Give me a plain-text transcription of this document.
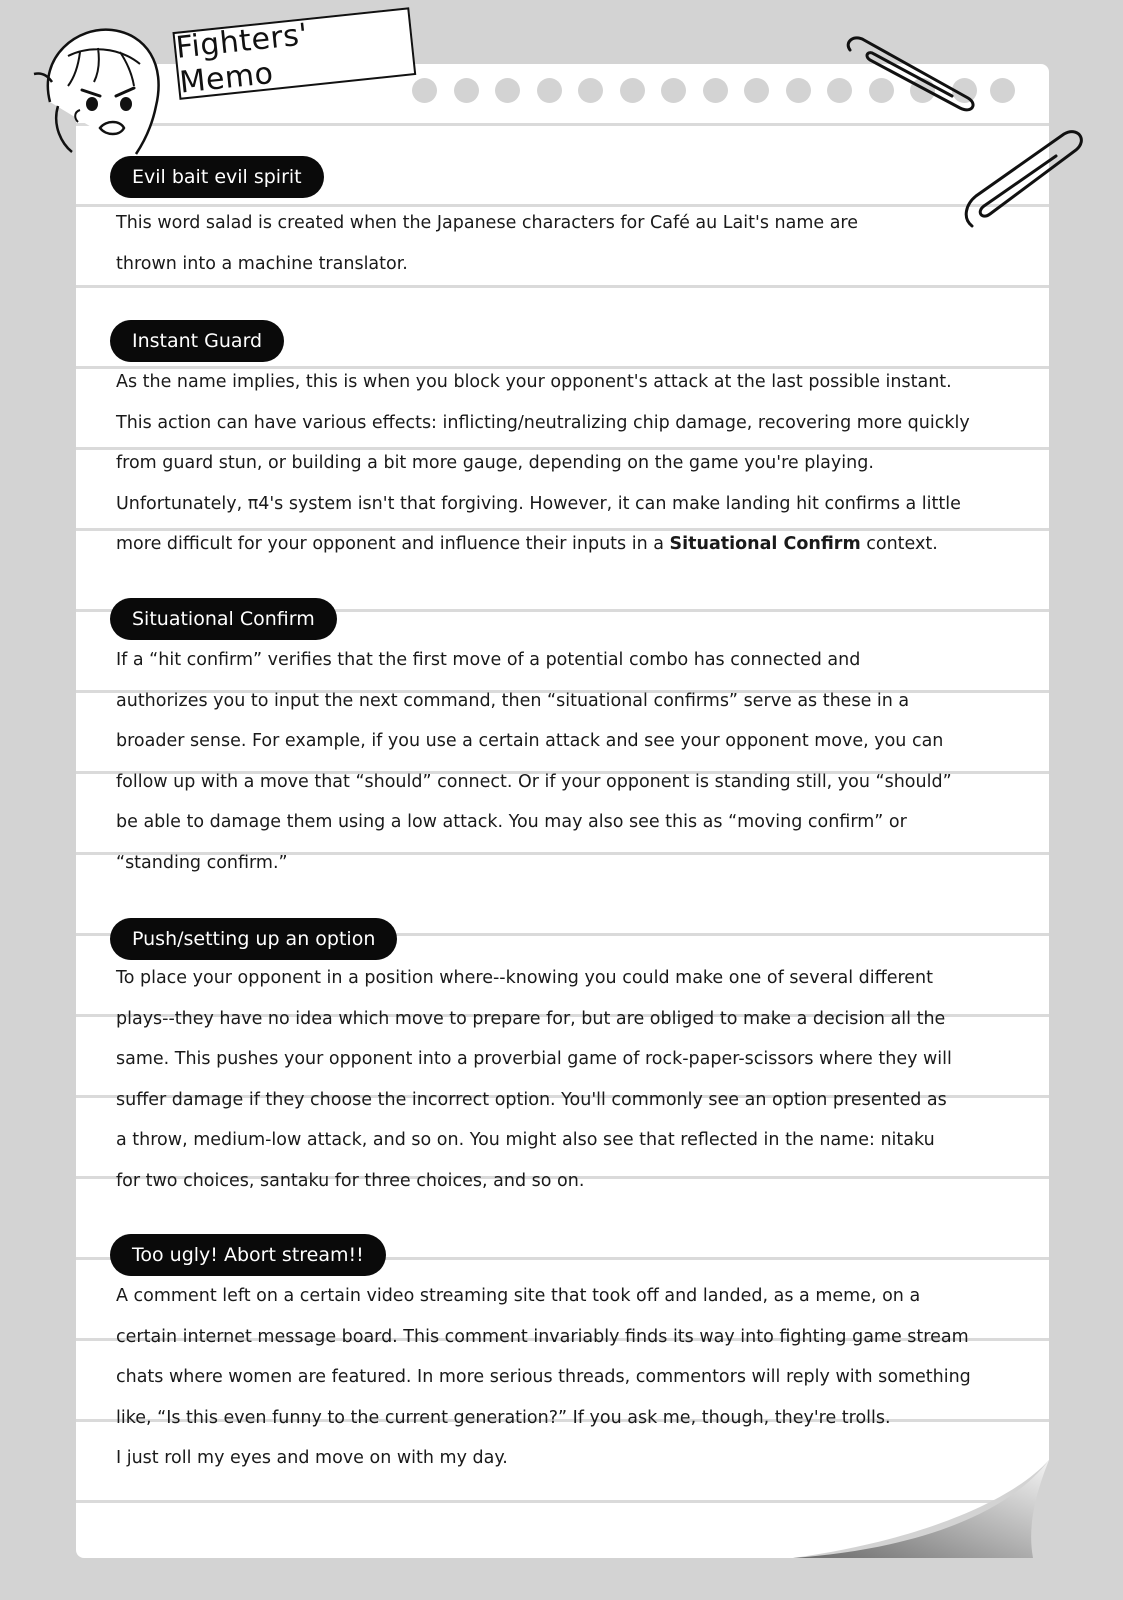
Fighters' Memo
Evil bait evil spirit
This word salad is created when the Japanese characters for Café au Lait's name are
thrown into a machine translator.
Instant Guard
As the name implies, this is when you block your opponent's attack at the last possible instant.
This action can have various effects: inflicting/neutralizing chip damage, recovering more quickly
from guard stun, or building a bit more gauge, depending on the game you're playing.
Unfortunately, π4's system isn't that forgiving. However, it can make landing hit confirms a little
more difficult for your opponent and influence their inputs in a Situational Confirm context.
Situational Confirm
If a “hit confirm” verifies that the first move of a potential combo has connected and
authorizes you to input the next command, then “situational confirms” serve as these in a
broader sense. For example, if you use a certain attack and see your opponent move, you can
follow up with a move that “should” connect. Or if your opponent is standing still, you “should”
be able to damage them using a low attack. You may also see this as “moving confirm” or
“standing confirm.”
Push/setting up an option
To place your opponent in a position where--knowing you could make one of several different
plays--they have no idea which move to prepare for, but are obliged to make a decision all the
same. This pushes your opponent into a proverbial game of rock-paper-scissors where they will
suffer damage if they choose the incorrect option. You'll commonly see an option presented as
a throw, medium-low attack, and so on. You might also see that reflected in the name: nitaku
for two choices, santaku for three choices, and so on.
Too ugly! Abort stream!!
A comment left on a certain video streaming site that took off and landed, as a meme, on a
certain internet message board. This comment invariably finds its way into fighting game stream
chats where women are featured. In more serious threads, commentors will reply with something
like, “Is this even funny to the current generation?” If you ask me, though, they're trolls.
I just roll my eyes and move on with my day.
